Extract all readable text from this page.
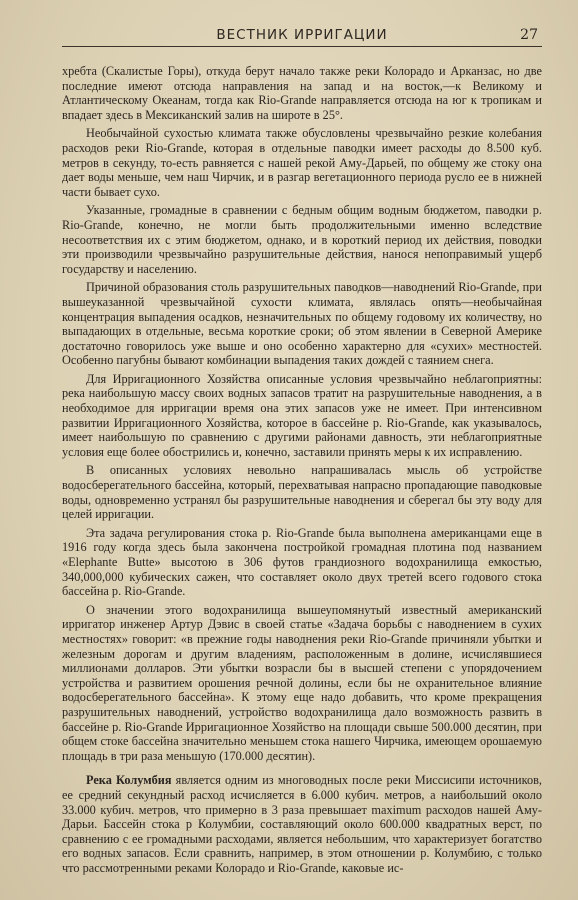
ВЕСТНИК ИРРИГАЦИИ	27

хребта (Скалистые Горы), откуда берут начало также реки Колорадо и Арканзас, но две последние имеют отсюда направления на запад и на восток,—к Великому и Атлантическому Океанам, тогда как Rio-Grande направляется отсюда на юг к тропикам и впадает здесь в Мексиканский залив на широте в 25°.

Необычайной сухостью климата также обусловлены чрезвычайно резкие колебания расходов реки Rio-Grande, которая в отдельные паводки имеет расходы до 8.500 куб. метров в секунду, то-есть равняется с нашей рекой Аму-Дарьей, по общему же стоку она дает воды меньше, чем наш Чирчик, и в разгар вегетационного периода русло ее в нижней части бывает сухо.

Указанные, громадные в сравнении с бедным общим водным бюджетом, паводки р. Rio-Grande, конечно, не могли быть продолжительными именно вследствие несоответствия их с этим бюджетом, однако, и в короткий период их действия, поводки эти производили чрезвычайно разрушительные действия, нанося непоправимый ущерб государству и населению.

Причиной образования столь разрушительных паводков—наводнений Rio-Grande, при вышеуказанной чрезвычайной сухости климата, являлась опять—необычайная концентрация выпадения осадков, незначительных по общему годовому их количеству, но выпадающих в отдельные, весьма короткие сроки; об этом явлении в Северной Америке достаточно говорилось уже выше и оно особенно характерно для «сухих» местностей. Особенно пагубны бывают комбинации выпадения таких дождей с таянием снега.

Для Ирригационного Хозяйства описанные условия чрезвычайно неблагоприятны: река наибольшую массу своих водных запасов тратит на разрушительные наводнения, а в необходимое для ирригации время она этих запасов уже не имеет. При интенсивном развитии Ирригационного Хозяйства, которое в бассейне р. Rio-Grande, как указывалось, имеет наибольшую по сравнению с другими районами давность, эти неблагоприятные условия еще более обострились и, конечно, заставили принять меры к их исправлению.

В описанных условиях невольно напрашивалась мысль об устройстве водосберегательного бассейна, который, перехватывая напрасно пропадающие паводковые воды, одновременно устранял бы разрушительные наводнения и сберегал бы эту воду для целей ирригации.

Эта задача регулирования стока р. Rio-Grande была выполнена американцами еще в 1916 году когда здесь была закончена постройкой громадная плотина под названием «Elephante Butte» высотою в 306 футов грандиозного водохранилища емкостью, 340,000,000 кубических сажен, что составляет около двух третей всего годового стока бассейна р. Rio-Grande.

О значении этого водохранилища вышеупомянутый известный американский ирригатор инженер Артур Дэвис в своей статье «Задача борьбы с наводнением в сухих местностях» говорит: «в прежние годы наводнения реки Rio-Grande причиняли убытки и железным дорогам и другим владениям, расположенным в долине, исчислявшиеся миллионами долларов. Эти убытки возрасли бы в высшей степени с упорядочением устройства и развитием орошения речной долины, если бы не охранительное влияние водосберегательного бассейна». К этому еще надо добавить, что кроме прекращения разрушительных наводнений, устройство водохранилища дало возможность развить в бассейне р. Rio-Grande Ирригационное Хозяйство на площади свыше 500.000 десятин, при общем стоке бассейна значительно меньшем стока нашего Чирчика, имеющем орошаемую площадь в три раза меньшую (170.000 десятин).

Река Колумбия является одним из многоводных после реки Миссисипи источников, ее средний секундный расход исчисляется в 6.000 кубич. метров, а наибольший около 33.000 кубич. метров, что примерно в 3 раза превышает maximum расходов нашей Аму-Дарьи. Бассейн стока р Колумбии, составляющий около 600.000 квадратных верст, по сравнению с ее громадными расходами, является небольшим, что характеризует богатство его водных запасов. Если сравнить, например, в этом отношении р. Колумбию, с только что рассмотренными реками Колорадо и Rio-Grande, каковые ис-
